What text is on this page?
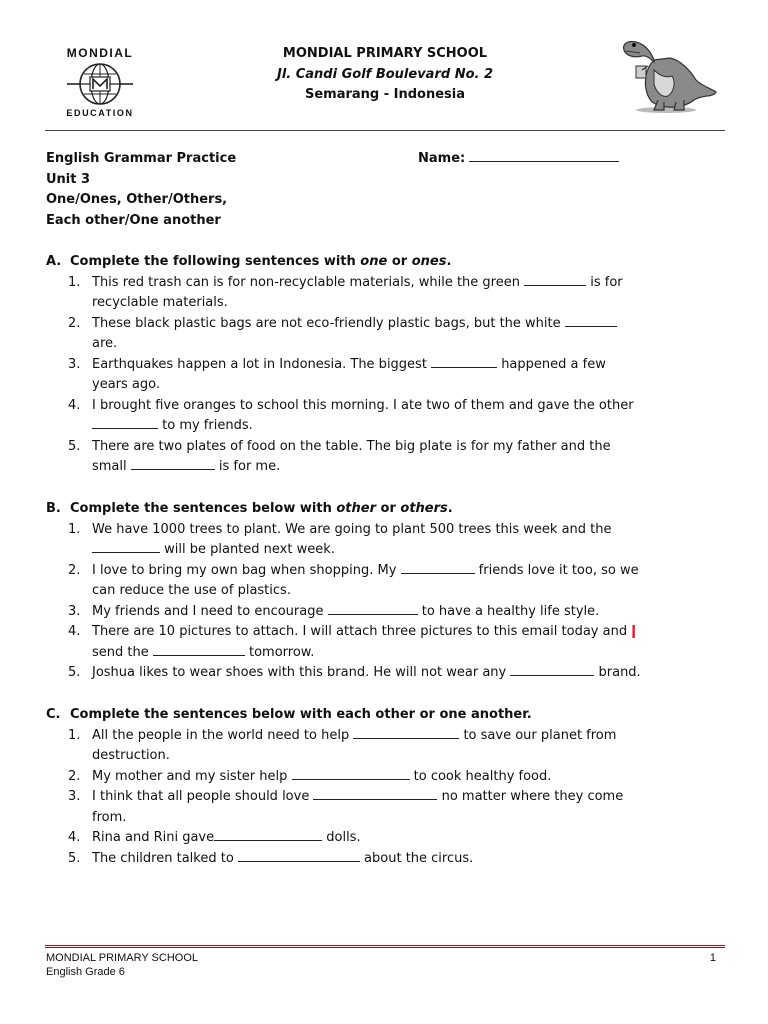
MONDIAL
EDUCATION
MONDIAL PRIMARY SCHOOL
Jl. Candi Golf Boulevard No. 2
Semarang - Indonesia
English Grammar Practice
Unit 3
One/Ones, Other/Others,
Each other/One another
Name:
A. Complete the following sentences with one or ones.
1. This red trash can is for non-recyclable materials, while the green	is for
recyclable materials.
2. These black plastic bags are not eco-friendly plastic bags, but the white
are.
3. Earthquakes happen a lot in Indonesia. The biggest	happened a few
years ago.
4. I brought five oranges to school this morning. I ate two of them and gave the other
to my friends.
5. There are two plates of food on the table. The big plate is for my father and the
small	is for me.
B. Complete the sentences below with other or others.
1. We have 1000 trees to plant. We are going to plant 500 trees this week and the
will be planted next week.
2. I love to bring my own bag when shopping. My	friends love it too, so we
can reduce the use of plastics.
3. My friends and I need to encourage	to have a healthy life style.
4. There are 10 pictures to attach. I will attach three pictures to this email today and ǀ
send the	tomorrow.
5. Joshua likes to wear shoes with this brand. He will not wear any	brand.
C. Complete the sentences below with each other or one another.
1. All the people in the world need to help	to save our planet from
destruction.
2. My mother and my sister help	to cook healthy food.
3. I think that all people should love	no matter where they come
from.
4. Rina and Rini gave	dolls.
5. The children talked to	about the circus.
MONDIAL PRIMARY SCHOOL
English Grade 6
1
